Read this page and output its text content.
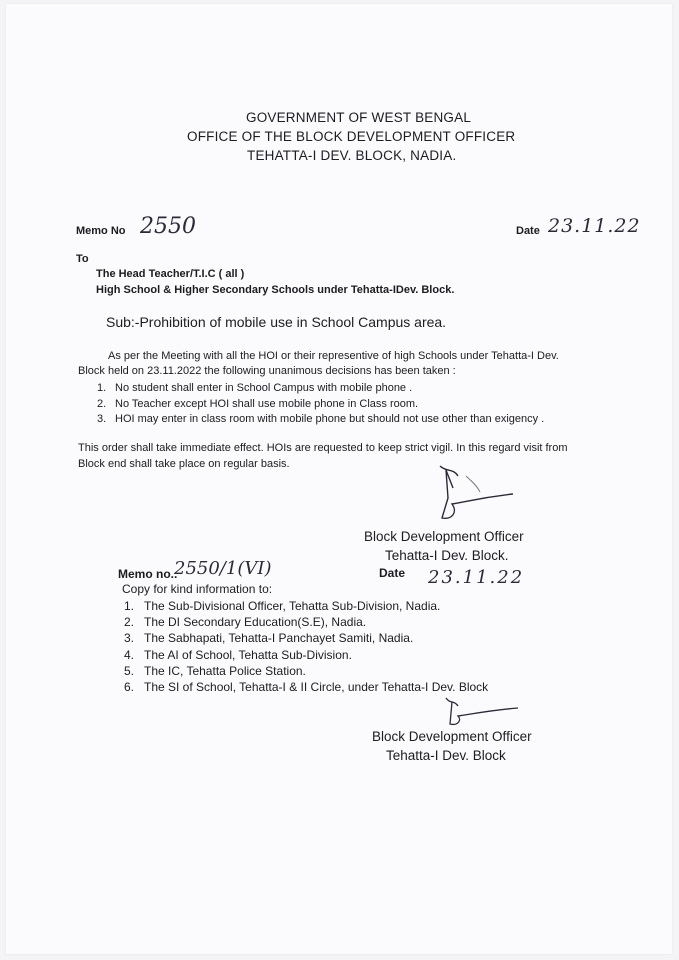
GOVERNMENT OF WEST BENGAL
OFFICE OF THE BLOCK DEVELOPMENT OFFICER
TEHATTA-I DEV. BLOCK, NADIA.
Memo No 2550	Date 23.11.22
To
The Head Teacher/T.I.C ( all )
High School & Higher Secondary Schools under Tehatta-IDev. Block.
Sub:-Prohibition of mobile use in School Campus area.
As per the Meeting with all the HOI or their representive of high Schools under Tehatta-I Dev.
Block held on 23.11.2022 the following unanimous decisions has been taken :
1. No student shall enter in School Campus with mobile phone .
2. No Teacher except HOI shall use mobile phone in Class room.
3. HOI may enter in class room with mobile phone but should not use other than exigency .
This order shall take immediate effect. HOIs are requested to keep strict vigil. In this regard visit from
Block end shall take place on regular basis.
Block Development Officer
Tehatta-I Dev. Block.
Memo no..
2550/1(VI)	Date 23.11.22
Copy for kind information to:
1. The Sub-Divisional Officer, Tehatta Sub-Division, Nadia.
2. The DI Secondary Education(S.E), Nadia.
3. The Sabhapati, Tehatta-I Panchayet Samiti, Nadia.
4. The AI of School, Tehatta Sub-Division.
5. The IC, Tehatta Police Station.
6. The SI of School, Tehatta-I & II Circle, under Tehatta-I Dev. Block
Block Development Officer
Tehatta-I Dev. Block
